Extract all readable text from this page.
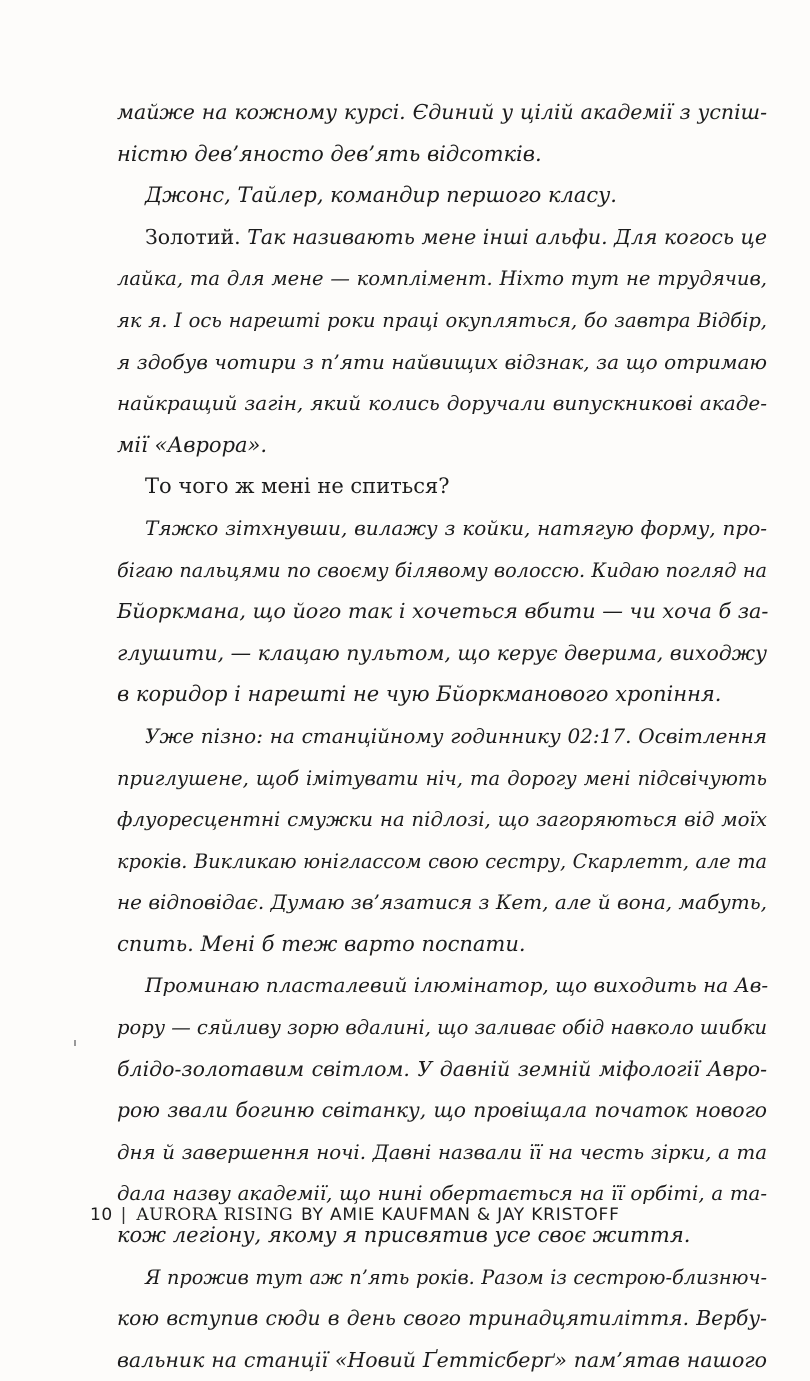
майже на кожному курсі. Єдиний у цілій академії з успіш-
ністю дев’яносто дев’ять відсотків.
Джонс, Тайлер, командир першого класу.
Золотий. Так називають мене інші альфи. Для когось це
лайка, та для мене — комплімент. Ніхто тут не трудячив,
як я. І ось нарешті роки праці окупляться, бо завтра Відбір,
я здобув чотири з п’яти найвищих відзнак, за що отримаю
найкращий загін, який колись доручали випускникові акаде-
мії «Аврора».
То чого ж мені не спиться?
Тяжко зітхнувши, вилажу з койки, натягую форму, про-
бігаю пальцями по своєму білявому волоссю. Кидаю погляд на
Бйоркмана, що його так і хочеться вбити — чи хоча б за-
глушити, — клацаю пультом, що керує дверима, виходжу
в коридор і нарешті не чую Бйоркманового хропіння.
Уже пізно: на станційному годиннику 02:17. Освітлення
приглушене, щоб імітувати ніч, та дорогу мені підсвічують
флуоресцентні смужки на підлозі, що загоряються від моїх
кроків. Викликаю юніглассом свою сестру, Скарлетт, але та
не відповідає. Думаю зв’язатися з Кет, але й вона, мабуть,
спить. Мені б теж варто поспати.
Проминаю пласталевий ілюмінатор, що виходить на Ав-
рору — сяйливу зорю вдалині, що заливає обід навколо шибки
блідо-золотавим світлом. У давній земній міфології Авро-
рою звали богиню світанку, що провіщала початок нового
дня й завершення ночі. Давні назвали її на честь зірки, а та
дала назву академії, що нині обертається на її орбіті, а та-
кож легіону, якому я присвятив усе своє життя.
Я прожив тут аж п’ять років. Разом із сестрою-близнюч-
кою вступив сюди в день свого тринадцятиліття. Вербу-
вальник на станції «Новий Ґеттісберґ» пам’ятав нашого
10 | AURORA RISING BY AMIE KAUFMAN & JAY KRISTOFF
